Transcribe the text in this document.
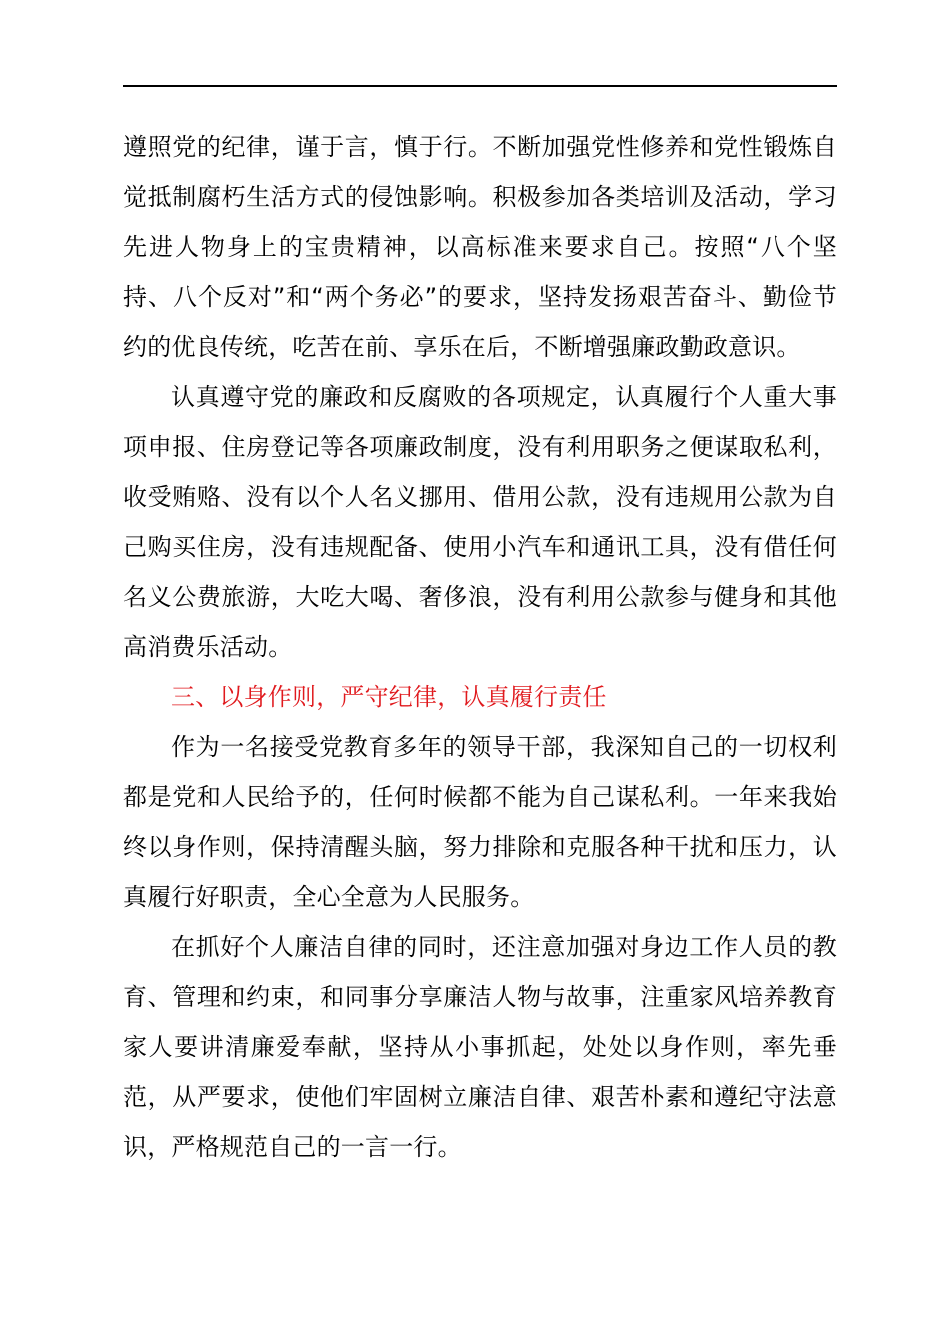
遵照党的纪律，谨于言，慎于行。不断加强党性修养和党性锻炼自觉抵制腐朽生活方式的侵蚀影响。积极参加各类培训及活动，学习先进人物身上的宝贵精神，以高标准来要求自己。按照“八个坚持、八个反对”和“两个务必”的要求，坚持发扬艰苦奋斗、勤俭节约的优良传统，吃苦在前、享乐在后，不断增强廉政勤政意识。

认真遵守党的廉政和反腐败的各项规定，认真履行个人重大事项申报、住房登记等各项廉政制度，没有利用职务之便谋取私利，收受贿赂、没有以个人名义挪用、借用公款，没有违规用公款为自己购买住房，没有违规配备、使用小汽车和通讯工具，没有借任何名义公费旅游，大吃大喝、奢侈浪，没有利用公款参与健身和其他高消费乐活动。

三、以身作则，严守纪律，认真履行责任

作为一名接受党教育多年的领导干部，我深知自己的一切权利都是党和人民给予的，任何时候都不能为自己谋私利。一年来我始终以身作则，保持清醒头脑，努力排除和克服各种干扰和压力，认真履行好职责，全心全意为人民服务。

在抓好个人廉洁自律的同时，还注意加强对身边工作人员的教育、管理和约束，和同事分享廉洁人物与故事，注重家风培养教育家人要讲清廉爱奉献，坚持从小事抓起，处处以身作则，率先垂范，从严要求，使他们牢固树立廉洁自律、艰苦朴素和遵纪守法意识，严格规范自己的一言一行。
